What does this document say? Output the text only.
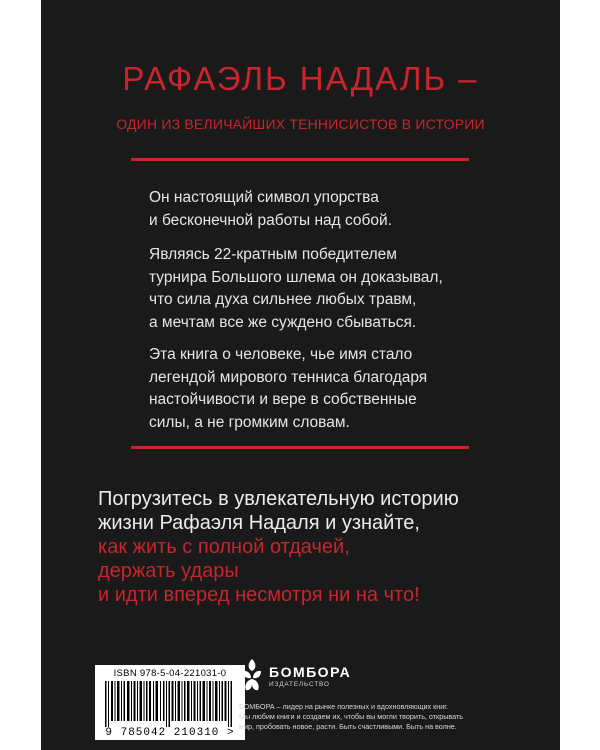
РАФАЭЛЬ НАДАЛЬ –
ОДИН ИЗ ВЕЛИЧАЙШИХ ТЕННИСИСТОВ В ИСТОРИИ
Он настоящий символ упорства
и бесконечной работы над собой.
Являясь 22-кратным победителем
турнира Большого шлема он доказывал,
что сила духа сильнее любых травм,
а мечтам все же суждено сбываться.
Эта книга о человеке, чье имя стало
легендой мирового тенниса благодаря
настойчивости и вере в собственные
силы, а не громким словам.
Погрузитесь в увлекательную историю
жизни Рафаэля Надаля и узнайте,
как жить с полной отдачей,
держать удары
и идти вперед несмотря ни на что!
ISBN 978-5-04-221031-0
9 785042 210310 >
БОМБОРА
ИЗДАТЕЛЬСТВО
БОМБОРА – лидер на рынке полезных и вдохновляющих книг.
Мы любим книги и создаем их, чтобы вы могли творить, открывать
мир, пробовать новое, расти. Быть счастливыми. Быть на волне.
